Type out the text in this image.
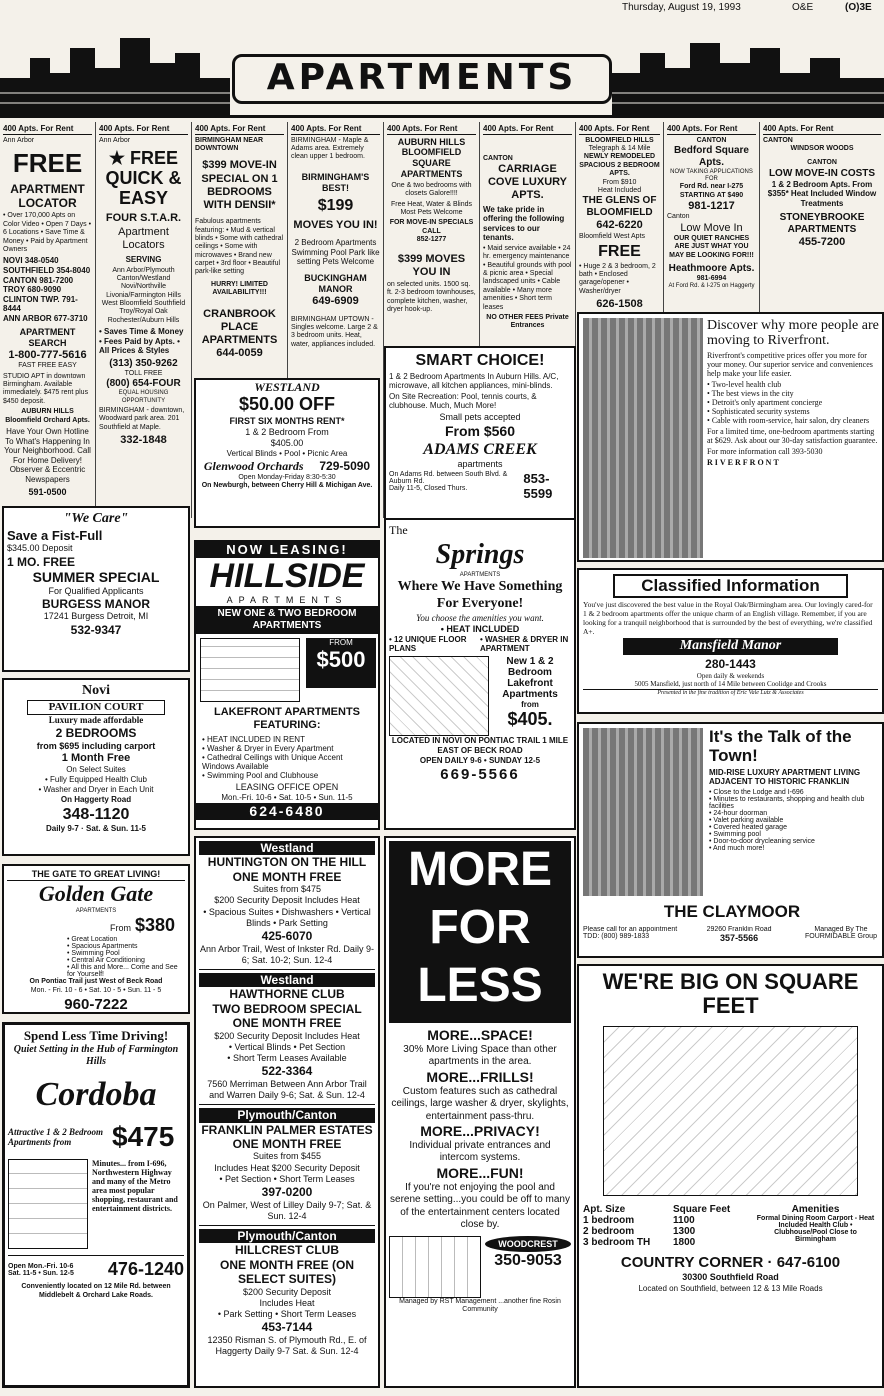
Thursday, August 19, 1993	O&E	(O)3E
APARTMENTS
400 Apts. For Rent
Ann Arbor
FREE
APARTMENT LOCATOR

• Over 170,000 Apts on Color Video • Open 7 Days • 6 Locations • Save Time & Money • Paid by Apartment Owners

NOVI 348-0540
SOUTHFIELD 354-8040
CANTON 981-7200
TROY 680-9090
CLINTON TWP. 791-8444
ANN ARBOR 677-3710
APARTMENT SEARCH
1-800-777-5616
FAST FREE EASY

STUDIO APT in downtown Birmingham. Available immediately. $475 rent plus $450 deposit.

AUBURN HILLS Bloomfield Orchard Apts.

Have Your Own Hotline To What's Happening In Your Neighborhood. Call For Home Delivery! Observer & Eccentric Newspapers

591-0500
400 Apts. For Rent
Ann Arbor
★ FREE QUICK & EASY
FOUR S.T.A.R.
Apartment Locators
SERVING

Ann Arbor/Plymouth Canton/Westland Novi/Northville Livonia/Farmington Hills West Bloomfield Southfield Troy/Royal Oak Rochester/Auburn Hills

• Saves Time & Money • Fees Paid by Apts. • All Prices & Styles

(313) 350-9262
TOLL FREE
(800) 654-FOUR
EQUAL HOUSING OPPORTUNITY

BIRMINGHAM - downtown, Woodward park area. 201 Southfield at Maple.

332-1848
400 Apts. For Rent
BIRMINGHAM NEAR DOWNTOWN
$399 MOVE-IN SPECIAL ON 1 BEDROOMS WITH DENSII*

Fabulous apartments featuring: • Mud & vertical blinds • Some with cathedral ceilings • Some with microwaves • Brand new carpet • 3rd floor • Beautiful park-like setting

HURRY! LIMITED AVAILABILITY!!!
CRANBROOK PLACE APARTMENTS
644-0059
400 Apts. For Rent

BIRMINGHAM - Maple & Adams area. Extremely clean upper 1 bedroom.

BIRMINGHAM'S BEST!
$199
MOVES YOU IN!

2 Bedroom Apartments Swimming Pool Park like setting Pets Welcome

BUCKINGHAM MANOR
649-6909

BIRMINGHAM UPTOWN - Singles welcome. Large 2 & 3 bedroom units. Heat, water, appliances included.

400 Apts. For Rent
AUBURN HILLS BLOOMFIELD SQUARE APARTMENTS

One & two bedrooms with closets Galore!!!!

Free Heat, Water & Blinds Most Pets Welcome

FOR MOVE-IN SPECIALS CALL
852-1277
$399 MOVES YOU IN

on selected units. 1500 sq. ft. 2-3 bedroom townhouses, complete kitchen, washer, dryer hook-up.

400 Apts. For Rent
CANTON
CARRIAGE COVE LUXURY APTS.

We take pride in offering the following services to our tenants.

• Maid service available • 24 hr. emergency maintenance • Beautiful grounds with pool & picnic area • Special landscaped units • Cable available • Many more amenities • Short term leases

NO OTHER FEES Private Entrances

400 Apts. For Rent
BLOOMFIELD HILLS
Telegraph & 14 Mile
NEWLY REMODELED SPACIOUS 2 BEDROOM APTS.
From $910
Heat Included
THE GLENS OF BLOOMFIELD
642-6220
Bloomfield West Apts
FREE

• Huge 2 & 3 bedroom, 2 bath • Enclosed garage/opener • Washer/dryer

626-1508
400 Apts. For Rent
CANTON
Bedford Square Apts.
NOW TAKING APPLICATIONS FOR
Ford Rd. near I-275
STARTING AT $490
981-1217
Canton
Low Move In
OUR QUIET RANCHES ARE JUST WHAT YOU MAY BE LOOKING FOR!!!
Heathmoore Apts.
981-6994
At Ford Rd. & I-275 on Haggerty
400 Apts. For Rent
CANTON
WINDSOR WOODS
CANTON
LOW MOVE-IN COSTS
1 & 2 Bedroom Apts. From $355* Heat Included Window Treatments
STONEYBROOKE APARTMENTS
455-7200
Discover why more people are moving to Riverfront.

Riverfront's competitive prices offer you more for your money. Our superior service and conveniences help make your life easier.

• Two-level health club
• The best views in the city
• Detroit's only apartment concierge
• Sophisticated security systems
• Cable with room-service, hair salon, dry cleaners

For a limited time, one-bedroom apartments starting at $629. Ask about our 30-day satisfaction guarantee.

For more information call 393-5030

RIVERFRONT
WESTLAND
$50.00 OFF
FIRST SIX MONTHS RENT*
1 & 2 Bedroom From
$405.00
Vertical Blinds • Pool • Picnic Area
Glenwood Orchards 729-5090
Open Monday-Friday 8:30-5:30
On Newburgh, between Cherry Hill & Michigan Ave.
SMART CHOICE!

1 & 2 Bedroom Apartments In Auburn Hills. A/C, microwave, all kitchen appliances, mini-blinds.

On Site Recreation: Pool, tennis courts, & clubhouse. Much, Much More!

Small pets accepted
From $560
ADAMS CREEK
apartments
On Adams Rd. between South Blvd. & Auburn Rd.
Daily 11-5, Closed Thurs.
853-5599
"We Care"
Save a Fist-Full
$345.00 Deposit
1 MO. FREE
SUMMER SPECIAL
For Qualified Applicants
BURGESS MANOR
17241 Burgess Detroit, MI
532-9347
NOW LEASING!
HILLSIDE
APARTMENTS
NEW ONE & TWO BEDROOM APARTMENTS
FROM
$500
LAKEFRONT APARTMENTS FEATURING:
• HEAT INCLUDED IN RENT
• Washer & Dryer in Every Apartment
• Cathedral Ceilings with Unique Accent Windows Available
• Swimming Pool and Clubhouse
LEASING OFFICE OPEN
Mon.-Fri. 10-6 • Sat. 10-5 • Sun. 11-5
624-6480
The
Springs
APARTMENTS
Where We Have Something For Everyone!
You choose the amenities you want.
• HEAT INCLUDED
• 12 UNIQUE FLOOR PLANS
• WASHER & DRYER IN APARTMENT
New 1 & 2 Bedroom Lakefront Apartments
from
$405.
LOCATED IN NOVI ON PONTIAC TRAIL 1 MILE EAST OF BECK ROAD
OPEN DAILY 9-6 • SUNDAY 12-5
669-5566
Classified Information

You've just discovered the best value in the Royal Oak/Birmingham area. Our lovingly cared-for 1 & 2 bedroom apartments offer the unique charm of an English village. Remember, if you are looking for a tranquil neighborhood that is surrounded by the best of everything, we're classified A+.

Mansfield Manor
280-1443
Open daily & weekends
5005 Mansfield, just north of 14 Mile between Coolidge and Crooks
Presented in the fine tradition of Eric Vale Lutz & Associates
Novi
PAVILION COURT
Luxury made affordable
2 BEDROOMS
from $695 including carport
1 Month Free
On Select Suites
• Fully Equipped Health Club
• Washer and Dryer in Each Unit
On Haggerty Road
348-1120
Daily 9-7 · Sat. & Sun. 11-5
It's the Talk of the Town!
MID-RISE LUXURY APARTMENT LIVING ADJACENT TO HISTORIC FRANKLIN
• Close to the Lodge and I-696
• Minutes to restaurants, shopping and health club facilities
• 24-hour doorman
• Valet parking available
• Covered heated garage
• Swimming pool
• Door-to-door drycleaning service
• And much more!
THE CLAYMOOR
Please call for an appointment
TDD: (800) 989-1833
29260 Franklin Road
357-5566
Managed By The FOURMIDABLE Group
THE GATE TO GREAT LIVING!
Golden Gate
APARTMENTS
From $380
• Great Location
• Spacious Apartments
• Swimming Pool
• Central Air Conditioning
• All this and More... Come and See for Yourself!
On Pontiac Trail just West of Beck Road
Mon. - Fri. 10 - 6 • Sat. 10 - 5 • Sun. 11 - 5
960-7222
Westland
HUNTINGTON ON THE HILL
ONE MONTH FREE
Suites from $475
$200 Security Deposit Includes Heat
• Spacious Suites • Dishwashers • Vertical Blinds • Park Setting
425-6070
Ann Arbor Trail, West of Inkster Rd. Daily 9-6; Sat. 10-2; Sun. 12-4
Westland
HAWTHORNE CLUB
TWO BEDROOM SPECIAL ONE MONTH FREE
$200 Security Deposit Includes Heat
• Vertical Blinds • Pet Section
• Short Term Leases Available
522-3364
7560 Merriman Between Ann Arbor Trail and Warren Daily 9-6; Sat. & Sun. 12-4
Plymouth/Canton
FRANKLIN PALMER ESTATES
ONE MONTH FREE
Suites from $455
Includes Heat $200 Security Deposit
• Pet Section • Short Term Leases
397-0200
On Palmer, West of Lilley Daily 9-7; Sat. & Sun. 12-4
Plymouth/Canton
HILLCREST CLUB
ONE MONTH FREE (ON SELECT SUITES)
$200 Security Deposit
Includes Heat
• Park Setting • Short Term Leases
453-7144
12350 Risman S. of Plymouth Rd., E. of Haggerty Daily 9-7 Sat. & Sun. 12-4
MORE
FOR
LESS
MORE...SPACE!
30% More Living Space than other apartments in the area.
MORE...FRILLS!
Custom features such as cathedral ceilings, large washer & dryer, skylights, entertainment pass-thru.
MORE...PRIVACY!
Individual private entrances and intercom systems.
MORE...FUN!
If you're not enjoying the pool and serene setting...you could be off to many of the entertainment centers located close by.
WOODCREST
350-9053
Managed by RST Management ...another fine Rosin Community
Spend Less Time Driving!
Quiet Setting in the Hub of Farmington Hills
Cordoba
Attractive 1 & 2 Bedroom Apartments from	$475
Minutes... from I-696, Northwestern Highway and many of the Metro area most popular shopping, restaurant and entertainment districts.
Open Mon.-Fri. 10-6 Sat. 11-5 • Sun. 12-5 476-1240
Conveniently located on 12 Mile Rd. between Middlebelt & Orchard Lake Roads.
WE'RE BIG ON SQUARE FEET
Apt. Size	Square Feet	Amenities
1 bedroom	1100
2 bedroom	1300
3 bedroom TH	1800
Formal Dining Room Carport - Heat Included Health Club • Clubhouse/Pool Close to Birmingham
COUNTRY CORNER · 647-6100
30300 Southfield Road
Located on Southfield, between 12 & 13 Mile Roads
